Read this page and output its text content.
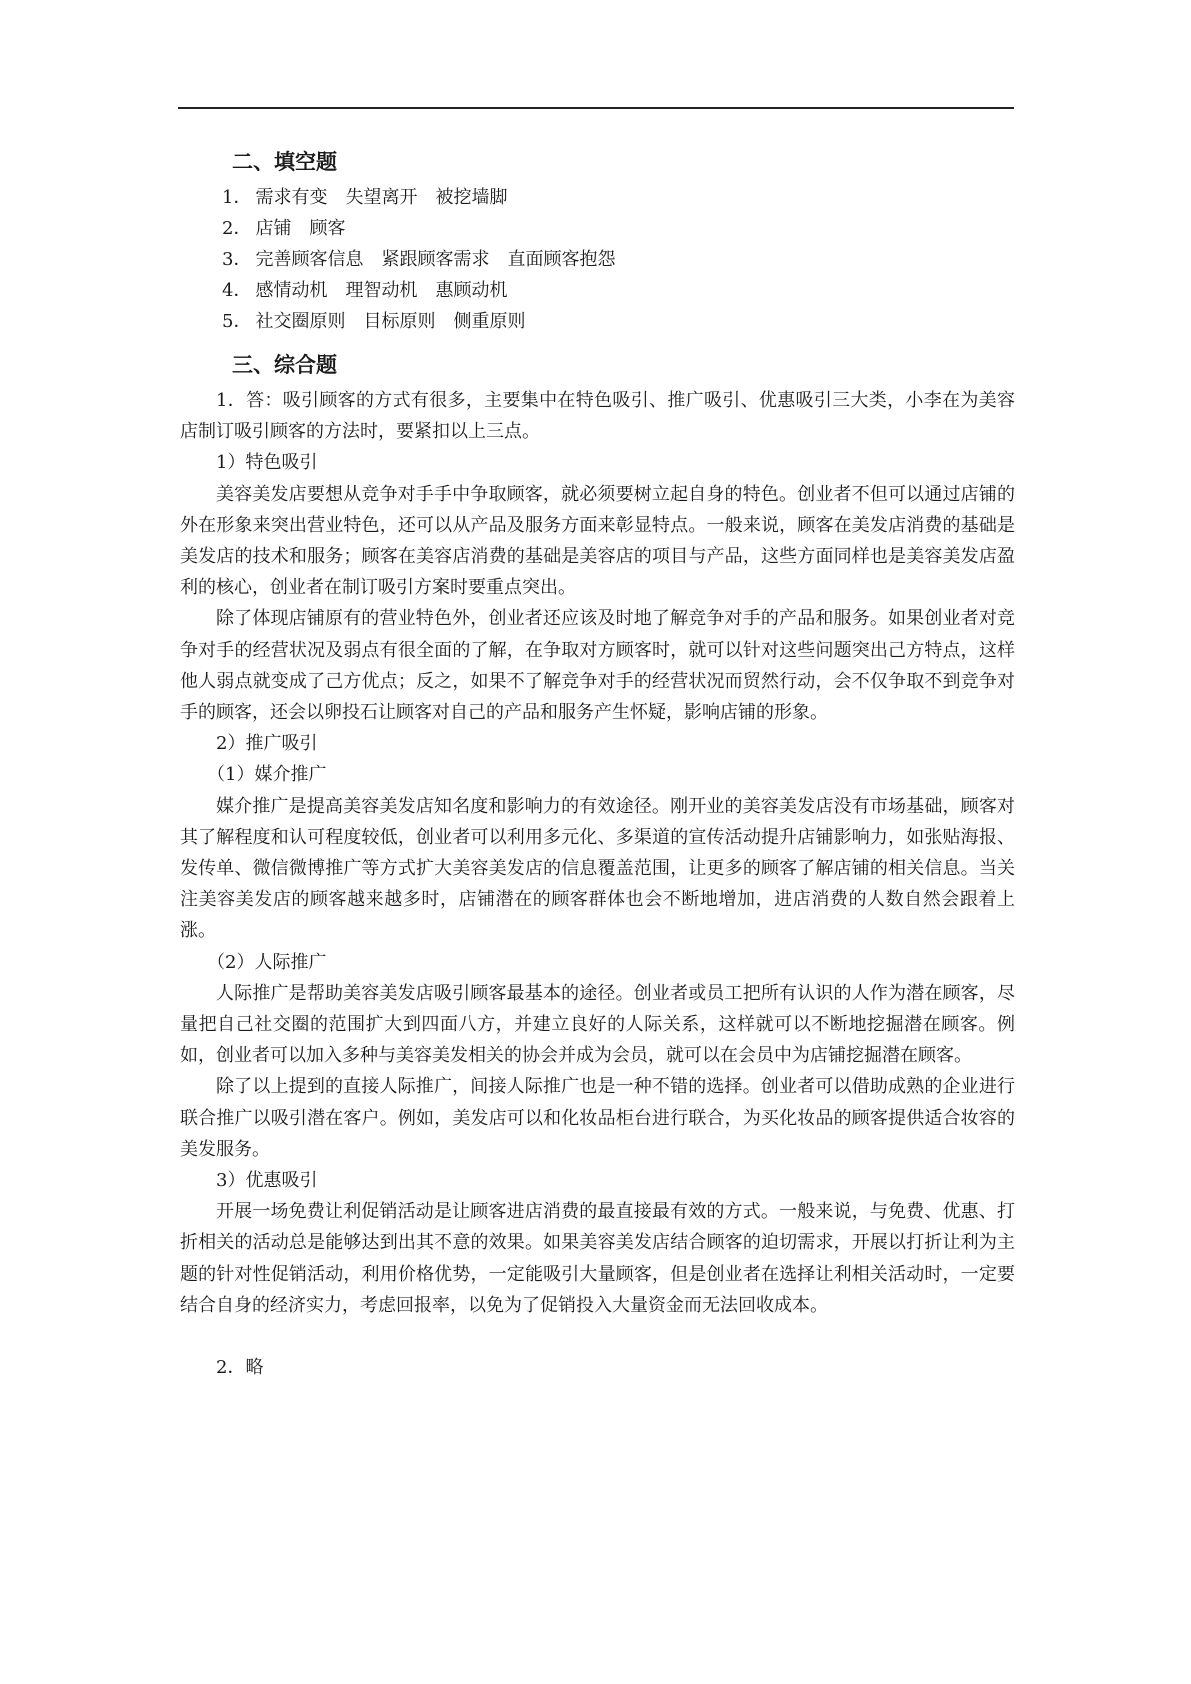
二、填空题
1． 需求有变 失望离开 被挖墙脚
2． 店铺 顾客
3． 完善顾客信息 紧跟顾客需求 直面顾客抱怨
4． 感情动机 理智动机 惠顾动机
5． 社交圈原则 目标原则 侧重原则
三、综合题

1．答：吸引顾客的方式有很多，主要集中在特色吸引、推广吸引、优惠吸引三大类，小李在为美容店制订吸引顾客的方法时，要紧扣以上三点。

1）特色吸引

美容美发店要想从竞争对手手中争取顾客，就必须要树立起自身的特色。创业者不但可以通过店铺的外在形象来突出营业特色，还可以从产品及服务方面来彰显特点。一般来说，顾客在美发店消费的基础是美发店的技术和服务；顾客在美容店消费的基础是美容店的项目与产品，这些方面同样也是美容美发店盈利的核心，创业者在制订吸引方案时要重点突出。

除了体现店铺原有的营业特色外，创业者还应该及时地了解竞争对手的产品和服务。如果创业者对竞争对手的经营状况及弱点有很全面的了解，在争取对方顾客时，就可以针对这些问题突出己方特点，这样他人弱点就变成了己方优点；反之，如果不了解竞争对手的经营状况而贸然行动，会不仅争取不到竞争对手的顾客，还会以卵投石让顾客对自己的产品和服务产生怀疑，影响店铺的形象。

2）推广吸引

（1）媒介推广

媒介推广是提高美容美发店知名度和影响力的有效途径。刚开业的美容美发店没有市场基础，顾客对其了解程度和认可程度较低，创业者可以利用多元化、多渠道的宣传活动提升店铺影响力，如张贴海报、发传单、微信微博推广等方式扩大美容美发店的信息覆盖范围，让更多的顾客了解店铺的相关信息。当关注美容美发店的顾客越来越多时，店铺潜在的顾客群体也会不断地增加，进店消费的人数自然会跟着上涨。

（2）人际推广

人际推广是帮助美容美发店吸引顾客最基本的途径。创业者或员工把所有认识的人作为潜在顾客，尽量把自己社交圈的范围扩大到四面八方，并建立良好的人际关系，这样就可以不断地挖掘潜在顾客。例如，创业者可以加入多种与美容美发相关的协会并成为会员，就可以在会员中为店铺挖掘潜在顾客。

除了以上提到的直接人际推广，间接人际推广也是一种不错的选择。创业者可以借助成熟的企业进行联合推广以吸引潜在客户。例如，美发店可以和化妆品柜台进行联合，为买化妆品的顾客提供适合妆容的美发服务。

3）优惠吸引

开展一场免费让利促销活动是让顾客进店消费的最直接最有效的方式。一般来说，与免费、优惠、打折相关的活动总是能够达到出其不意的效果。如果美容美发店结合顾客的迫切需求，开展以打折让利为主题的针对性促销活动，利用价格优势，一定能吸引大量顾客，但是创业者在选择让利相关活动时，一定要结合自身的经济实力，考虑回报率，以免为了促销投入大量资金而无法回收成本。

2．略
